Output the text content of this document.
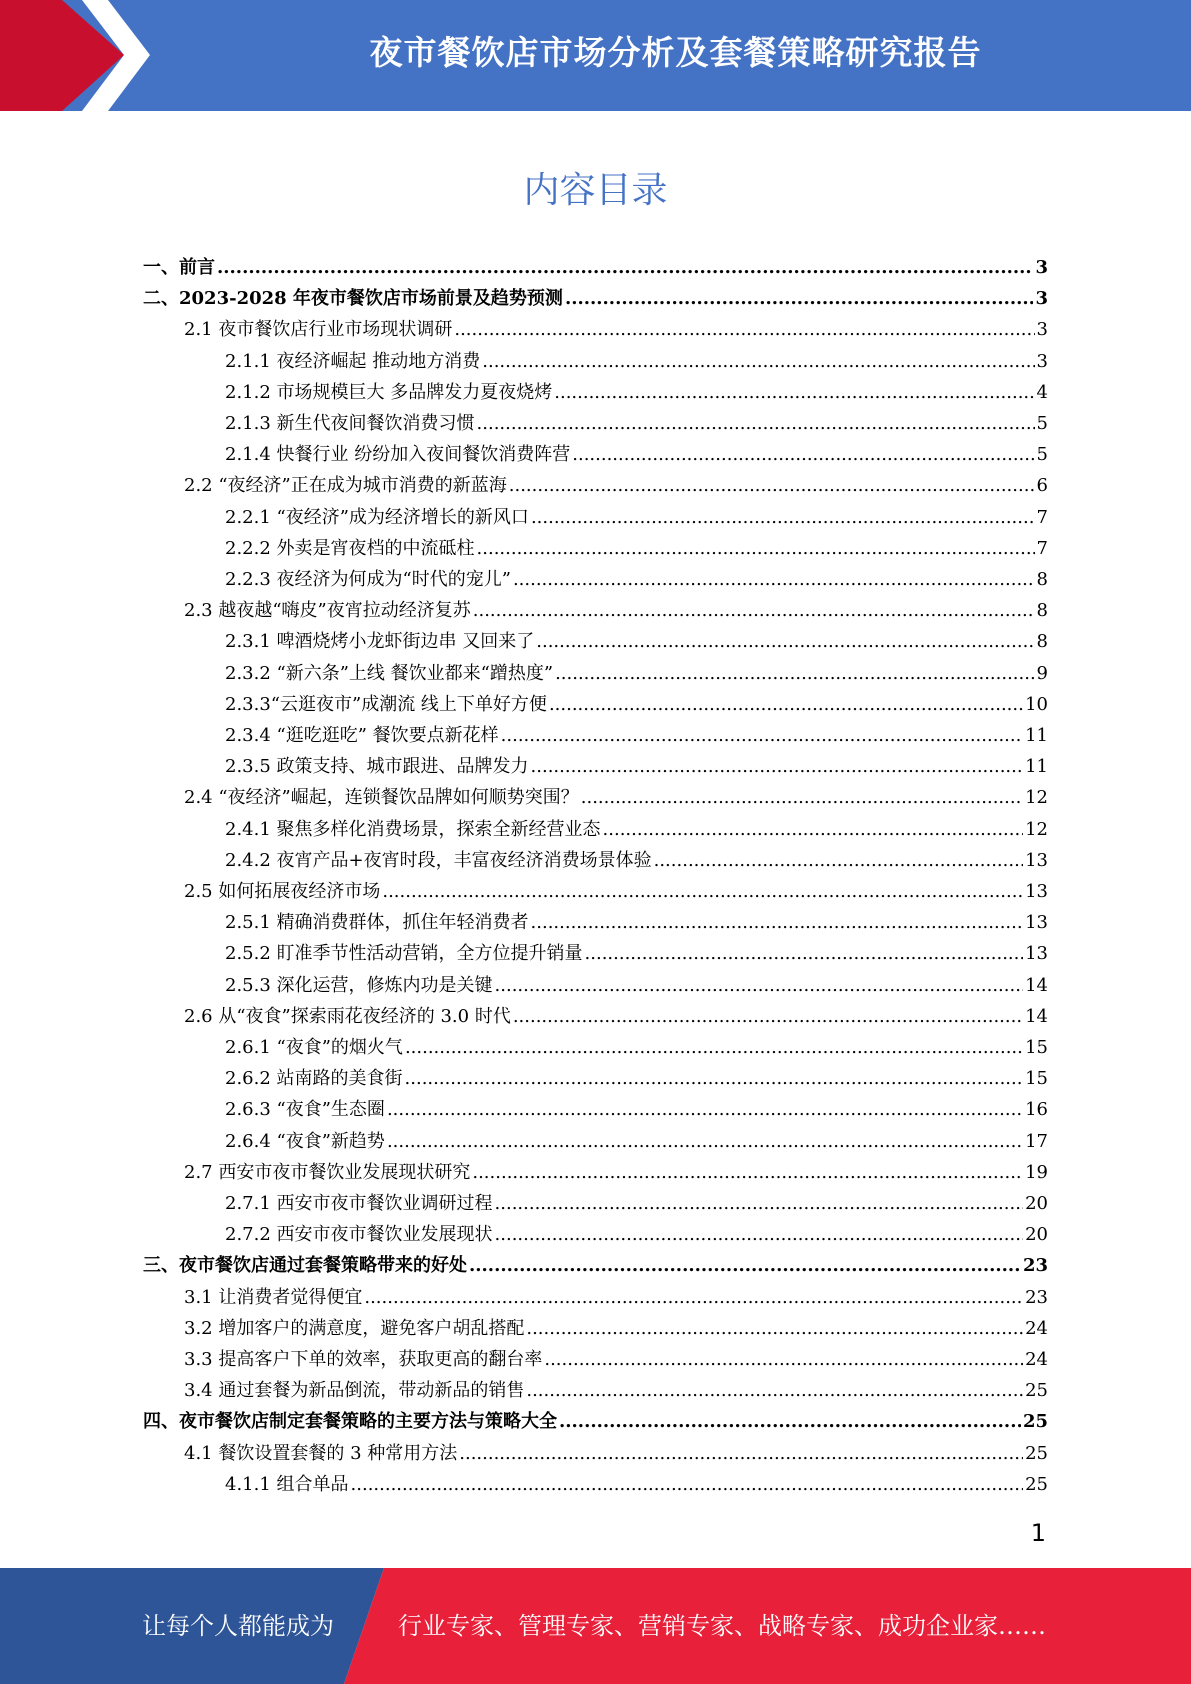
夜市餐饮店市场分析及套餐策略研究报告
内容目录
一、前言 .....	3
二、2023-2028 年夜市餐饮店市场前景及趋势预测 .....	3
2.1 夜市餐饮店行业市场现状调研 .....	3
2.1.1 夜经济崛起 推动地方消费 .....	3
2.1.2 市场规模巨大 多品牌发力夏夜烧烤 .....	4
2.1.3 新生代夜间餐饮消费习惯 .....	5
2.1.4 快餐行业 纷纷加入夜间餐饮消费阵营 .....	5
2.2 “夜经济”正在成为城市消费的新蓝海 .....	6
2.2.1 “夜经济”成为经济增长的新风口 .....	7
2.2.2 外卖是宵夜档的中流砥柱 .....	7
2.2.3 夜经济为何成为“时代的宠儿” .....	8
2.3 越夜越“嗨皮”夜宵拉动经济复苏 .....	8
2.3.1 啤酒烧烤小龙虾街边串 又回来了 .....	8
2.3.2 “新六条”上线 餐饮业都来“蹭热度” .....	9
2.3.3“云逛夜市”成潮流 线上下单好方便 .....	10
2.3.4 “逛吃逛吃” 餐饮要点新花样 .....	11
2.3.5 政策支持、城市跟进、品牌发力 .....	11
2.4 “夜经济”崛起，连锁餐饮品牌如何顺势突围？ .....	12
2.4.1 聚焦多样化消费场景，探索全新经营业态 .....	12
2.4.2 夜宵产品+夜宵时段，丰富夜经济消费场景体验 .....	13
2.5 如何拓展夜经济市场 .....	13
2.5.1 精确消费群体，抓住年轻消费者 .....	13
2.5.2 盯准季节性活动营销，全方位提升销量 .....	13
2.5.3 深化运营，修炼内功是关键 .....	14
2.6 从“夜食”探索雨花夜经济的 3.0 时代 .....	14
2.6.1 “夜食”的烟火气 .....	15
2.6.2 站南路的美食街 .....	15
2.6.3 “夜食”生态圈 .....	16
2.6.4 “夜食”新趋势 .....	17
2.7 西安市夜市餐饮业发展现状研究 .....	19
2.7.1 西安市夜市餐饮业调研过程 .....	20
2.7.2 西安市夜市餐饮业发展现状 .....	20
三、夜市餐饮店通过套餐策略带来的好处 .....	23
3.1 让消费者觉得便宜 .....	23
3.2 增加客户的满意度，避免客户胡乱搭配 .....	24
3.3 提高客户下单的效率，获取更高的翻台率 .....	24
3.4 通过套餐为新品倒流，带动新品的销售 .....	25
四、夜市餐饮店制定套餐策略的主要方法与策略大全 .....	25
4.1 餐饮设置套餐的 3 种常用方法 .....	25
4.1.1 组合单品 .....	25
1
让每个人都能成为	行业专家、管理专家、营销专家、战略专家、成功企业家……
